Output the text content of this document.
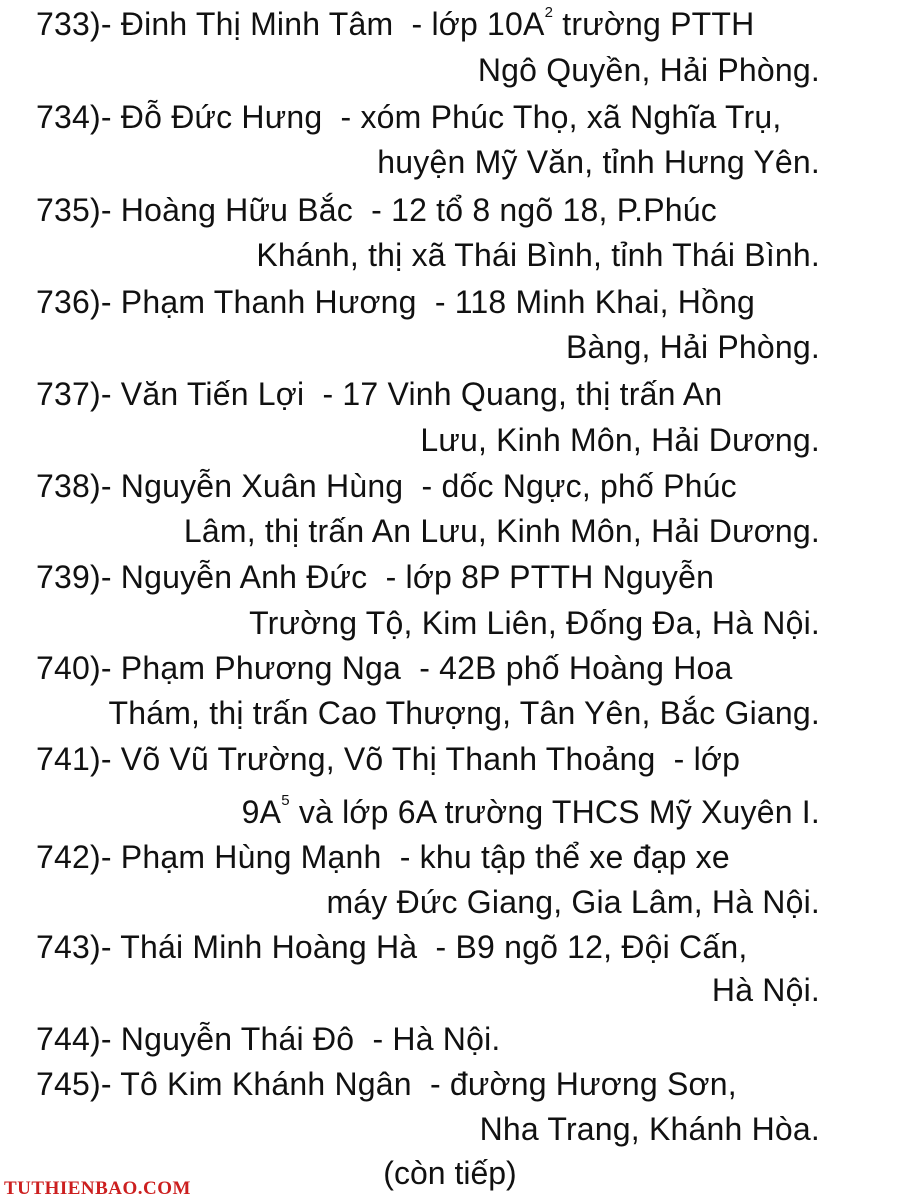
733)- Đinh Thị Minh Tâm - lớp $10A^2$ trường PTTH
Ngô Quyền, Hải Phòng.
734)- Đỗ Đức Hưng - xóm Phúc Thọ, xã Nghĩa Trụ,
huyện Mỹ Văn, tỉnh Hưng Yên.
735)- Hoàng Hữu Bắc - 12 tổ 8 ngõ 18, P.Phúc
Khánh, thị xã Thái Bình, tỉnh Thái Bình.
736)- Phạm Thanh Hương - 118 Minh Khai, Hồng
Bàng, Hải Phòng.
737)- Văn Tiến Lợi - 17 Vinh Quang, thị trấn An
Lưu, Kinh Môn, Hải Dương.
738)- Nguyễn Xuân Hùng - dốc Ngực, phố Phúc
Lâm, thị trấn An Lưu, Kinh Môn, Hải Dương.
739)- Nguyễn Anh Đức - lớp 8P PTTH Nguyễn
Trường Tộ, Kim Liên, Đống Đa, Hà Nội.
740)- Phạm Phương Nga - 42B phố Hoàng Hoa
Thám, thị trấn Cao Thượng, Tân Yên, Bắc Giang.
741)- Võ Vũ Trường, Võ Thị Thanh Thoảng - lớp
$9A^5$ và lớp 6A trường THCS Mỹ Xuyên I.
742)- Phạm Hùng Mạnh - khu tập thể xe đạp xe
máy Đức Giang, Gia Lâm, Hà Nội.
743)- Thái Minh Hoàng Hà - B9 ngõ 12, Đội Cấn,
Hà Nội.
744)- Nguyễn Thái Đô - Hà Nội.
745)- Tô Kim Khánh Ngân - đường Hương Sơn,
Nha Trang, Khánh Hòa.
(còn tiếp)
TUTHIENBAO.COM
